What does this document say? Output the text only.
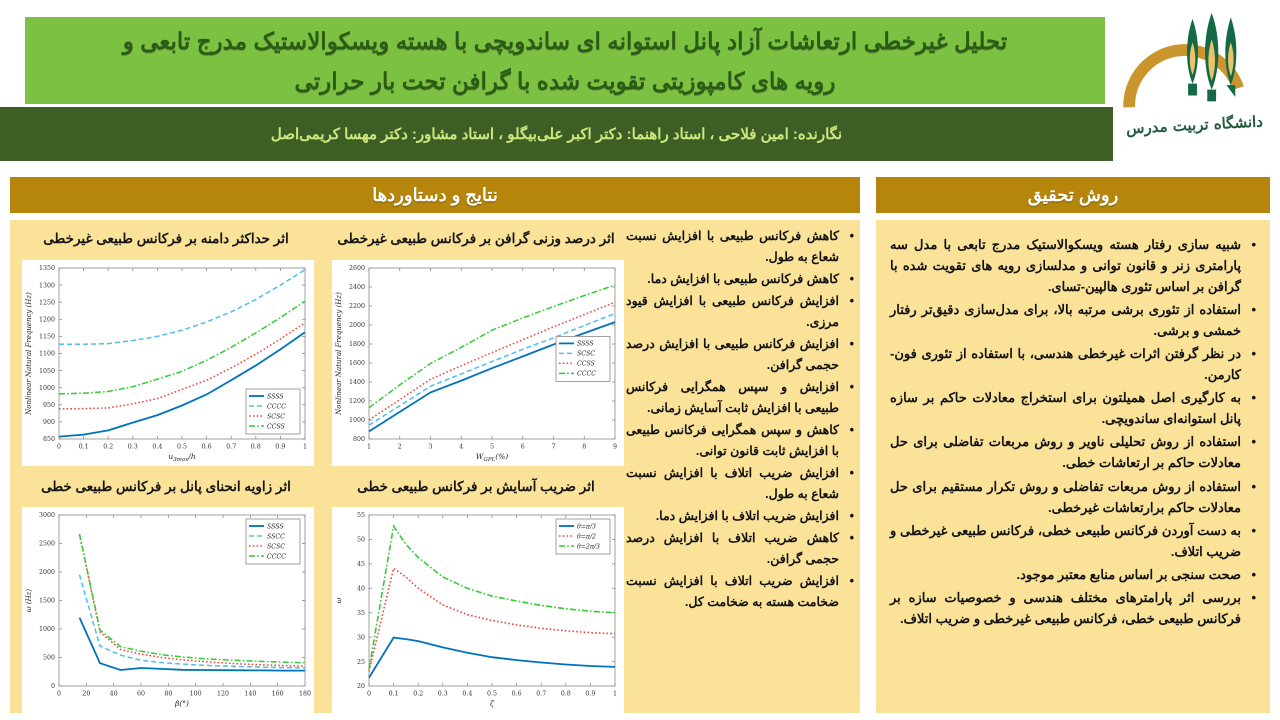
تحلیل غیرخطی ارتعاشات آزاد پانل استوانه ای ساندویچی با هسته ویسکوالاستیک مدرج تابعی و
رویه های کامپوزیتی تقویت شده با گرافن تحت بار حرارتی
نگارنده: امین فلاحی ، استاد راهنما: دکتر اکبر علی‌بیگلو ، استاد مشاور: دکتر مهسا کریمی‌اصل	دانشگاه تربیت مدرس
نتایج و دستاوردها	روش تحقیق
اثر حداکثر دامنه بر فرکانس طبیعی غیرخطی	اثر درصد وزنی گرافن بر فرکانس طبیعی غیرخطی
اثر زاویه انحنای پانل بر فرکانس طبیعی خطی	اثر ضریب آسایش بر فرکانس طبیعی خطی
0	0.1 0.2 0.3 0.4 0.5 0.6 0.7 0.8 0.9	1
850
900
950
1000
1050
1100
1150
1200
1250
1300
1350
SSSS
CCCC
SCSC
CCSS
Nonlinear Natural Frequency (Hz)
$u_{3max}/h$
1	2	3	4	5	6	7	8	9
800
1000
1200
1400
1600
1800
2000
2200
2400
2600
SSSS
SCSC
CCSS
CCCC
Nonlinear Natural Frequency (Hz)
$W_{GPL}(\%)$
0	20	40	60	80	100 120 140 160 180
0
500
1000
1500
2000
2500
3000
SSSS
SSCC
SCSC
CCCC
ω (Hz)
β(°)
0	0.1 0.2 0.3 0.4 0.5 0.6 0.7 0.8 0.9	1
20
25
30
35
40
45
50
55
θ=π/3
θ=π/2
θ=2π/3
ω
ζ
• کاهش فرکانس طبیعی با افزایش نسبت شعاع به طول.
• کاهش فرکانس طبیعی با افزایش دما.
• افزایش فرکانس طبیعی با افزایش قیود مرزی.
• افزایش فرکانس طبیعی با افزایش درصد حجمی گرافن.
• افزایش و سپس همگرایی فرکانس طبیعی با افزایش ثابت آسایش زمانی.
• کاهش و سپس همگرایی فرکانس طبیعی با افزایش ثابت قانون توانی.
• افزایش ضریب اتلاف با افزایش نسبت شعاع به طول.
• افزایش ضریب اتلاف با افزایش دما.
• کاهش ضریب اتلاف با افزایش درصد حجمی گرافن.
• افزایش ضریب اتلاف با افزایش نسبت ضخامت هسته به ضخامت کل.
• شبیه سازی رفتار هسته ویسکوالاستیک مدرج تابعی با مدل سه پارامتری زنر و قانون توانی و مدلسازی رویه های تقویت شده با گرافن بر اساس تئوری هالپین-تسای.
• استفاده از تئوری برشی مرتبه بالا، برای مدل‌سازی دقیق‌تر رفتار خمشی و برشی.
• در نظر گرفتن اثرات غیرخطی هندسی، با استفاده از تئوری فون-کارمن.
• به کارگیری اصل همیلتون برای استخراج معادلات حاکم بر سازه پانل استوانه‌ای ساندویچی.
• استفاده از روش تحلیلی ناویر و روش مربعات تفاضلی برای حل معادلات حاکم بر ارتعاشات خطی.
• استفاده از روش مربعات تفاضلی و روش تکرار مستقیم برای حل معادلات حاکم برارتعاشات غیرخطی.
• به دست آوردن فرکانس طبیعی خطی، فرکانس طبیعی غیرخطی و ضریب اتلاف.
• صحت سنجی بر اساس منابع معتبر موجود.
• بررسی اثر پارامترهای مختلف هندسی و خصوصیات سازه بر فرکانس طبیعی خطی، فرکانس طبیعی غیرخطی و ضریب اتلاف.
